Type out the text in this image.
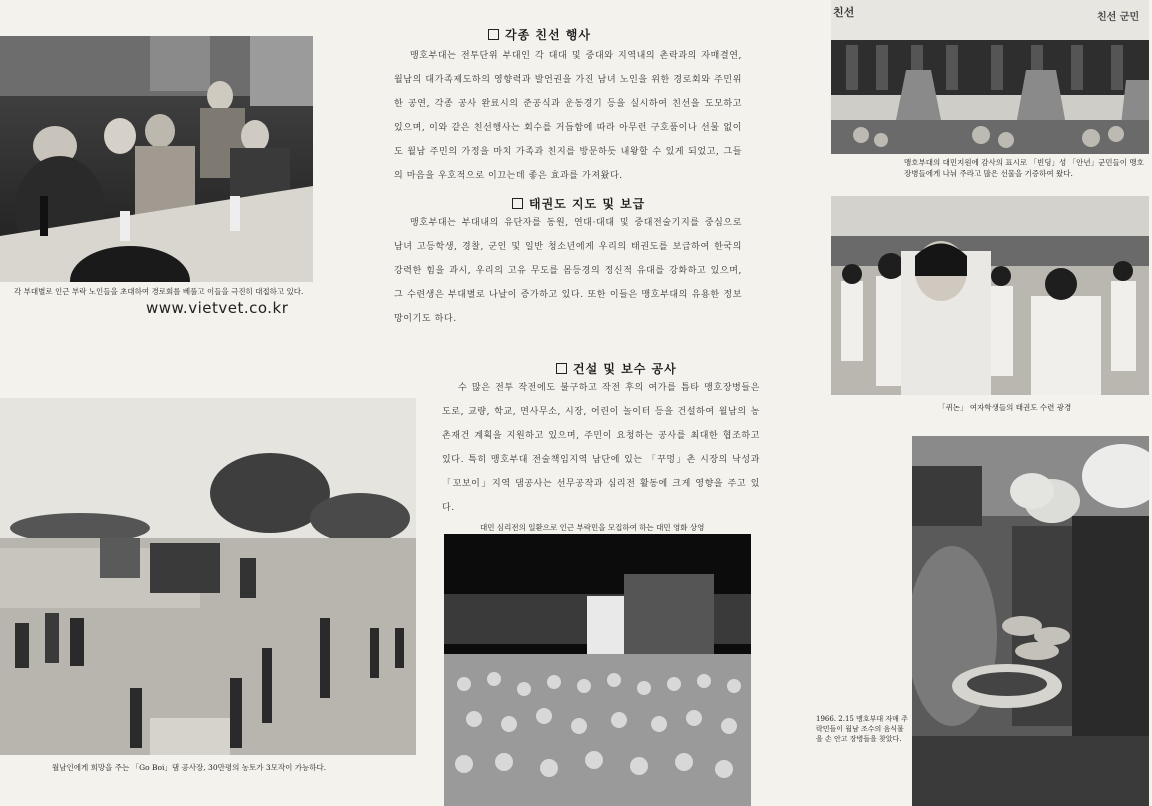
각 부대별로 인근 부락 노인들을 초대하여 경로회를 베풀고 이들을 극진히 대접하고 있다.
www.vietvet.co.kr
월남인에게 희망을 주는 「Go Boi」댐 공사장, 30만평의 농토가 3모작이 가능하다.
각종 친선 행사

맹호부대는 전투단위 부대인 각 대대 및 중대와 지역내의 촌락과의 자매결연, 월남의 대가족제도하의 영향력과 발언권을 가진 남녀 노인을 위한 경로회와 주민위한 공연, 각종 공사 완료시의 준공식과 운동경기 등을 실시하여 친선을 도모하고 있으며, 이와 같은 친선행사는 회수를 거듭함에 따라 아무런 구호품이나 선물 없이도 월남 주민의 가정을 마치 가족과 친지를 방문하듯 내왕할 수 있게 되었고, 그들의 마음을 우호적으로 이끄는데 좋은 효과를 가져왔다.

태권도 지도 및 보급

맹호부대는 부대내의 유단자를 동원, 연대·대대 및 중대전술기지를 중심으로 남녀 고등학생, 경찰, 군인 및 일반 청소년에게 우리의 태권도를 보급하여 한국의 강력한 힘을 과시, 우리의 고유 무도를 몸등경의 정신적 유대를 강화하고 있으며, 그 수련생은 부대별로 나날이 증가하고 있다. 또한 이들은 맹호부대의 유용한 정보망이기도 하다.

건설 및 보수 공사

수 많은 전투 작전에도 불구하고 작전 후의 여가를 틈타 맹호장병들은 도로, 교량, 학교, 면사무소, 시장, 어린이 놀이터 등을 건설하여 월남의 농촌재건 계획을 지원하고 있으며, 주민이 요청하는 공사를 최대한 협조하고 있다. 특히 맹호부대 전술책임지역 남단에 있는 「꾸멍」촌 시장의 낙성과 「꼬보이」지역 댐공사는 선무공작과 심리전 활동에 크게 영향을 주고 있다.

대민 심리전의 일환으로 인근 부락민을 모집하여 하는 대민 영화 상영
친선	친선 군민
맹호부대의 대민지원에 감사의 표시로 「빈딩」성 「안년」군민들이 맹호장병들에게 나눠 주라고 많은 선물을 기증하여 왔다.
「퀴논」 여자학생들의 태권도 수련 광경
1966. 2.15 맹호부대 자매 주락민들이 월남 조수의 음식물을 손 안고 장병들을 찾았다.
